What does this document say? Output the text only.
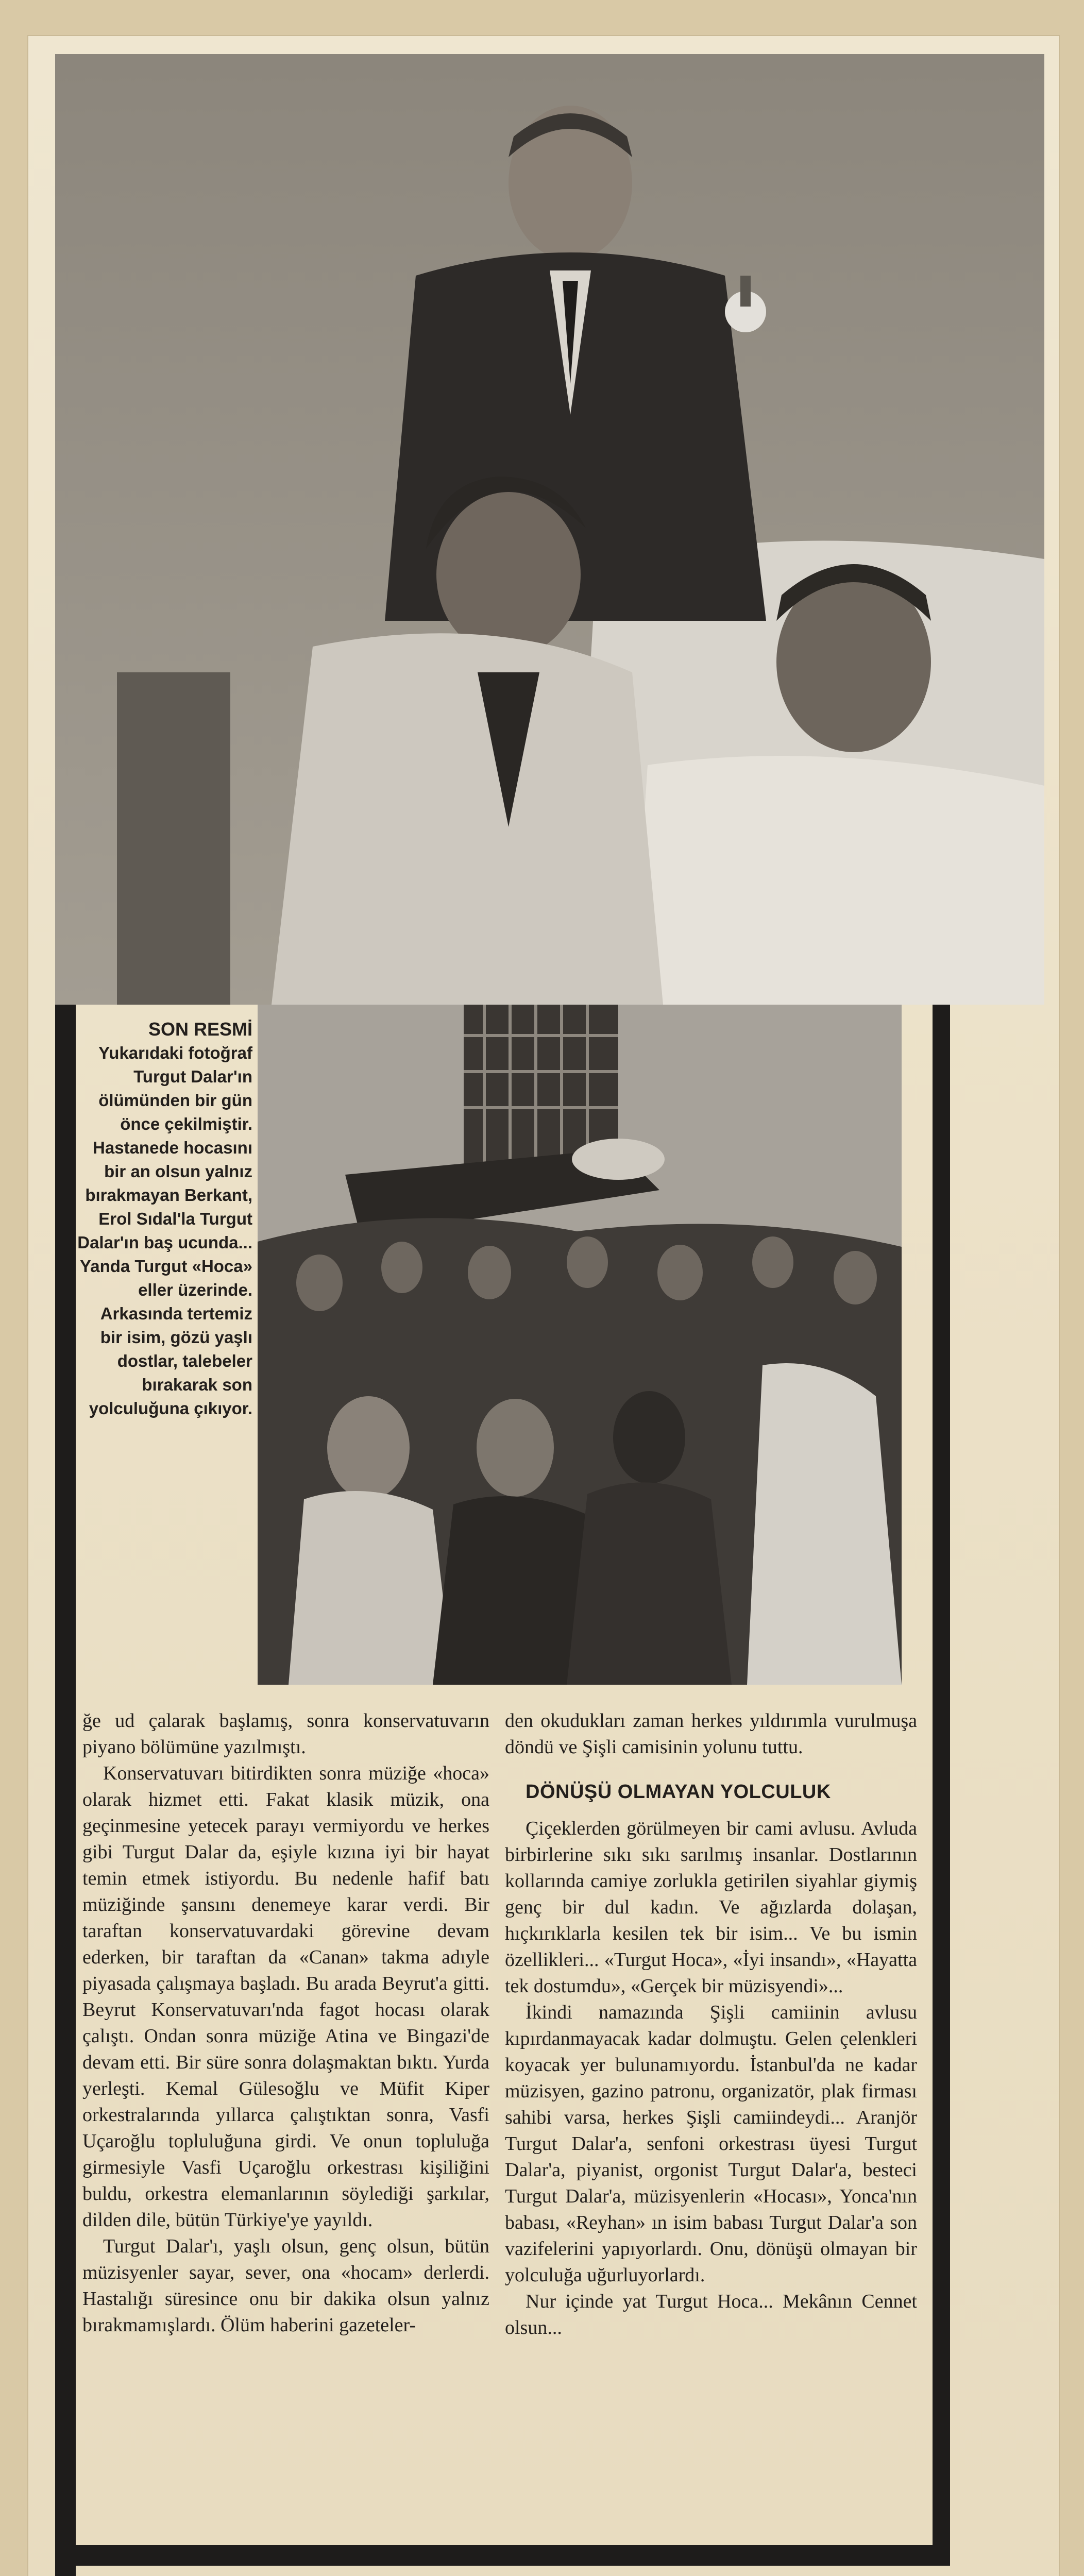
SON RESMİ
Yukarıdaki fotoğraf Turgut Dalar'ın ölümünden bir gün önce çekilmiştir. Hastanede hocasını bir an olsun yalnız bırakmayan Berkant, Erol Sıdal'la Turgut Dalar'ın baş ucunda... Yanda Turgut «Hoca» eller üzerinde. Arkasında tertemiz bir isim, gözü yaşlı dostlar, talebeler bırakarak son yolculuğuna çıkıyor.

ğe ud çalarak başlamış, sonra konservatuvarın piyano bölümüne yazılmıştı.

Konservatuvarı bitirdikten sonra müziğe «hoca» olarak hizmet etti. Fakat klasik müzik, ona geçinmesine yetecek parayı vermiyordu ve herkes gibi Turgut Dalar da, eşiyle kızına iyi bir hayat temin etmek istiyordu. Bu nedenle hafif batı müziğinde şansını denemeye karar verdi. Bir taraftan konservatuvardaki görevine devam ederken, bir taraftan da «Canan» takma adıyle piyasada çalışmaya başladı. Bu arada Beyrut'a gitti. Beyrut Konservatuvarı'nda fagot hocası olarak çalıştı. Ondan sonra müziğe Atina ve Bingazi'de devam etti. Bir süre sonra dolaşmaktan bıktı. Yurda yerleşti. Kemal Gülesoğlu ve Müfit Kiper orkestralarında yıllarca çalıştıktan sonra, Vasfi Uçaroğlu topluluğuna girdi. Ve onun topluluğa girmesiyle Vasfi Uçaroğlu orkestrası kişiliğini buldu, orkestra elemanlarının söylediği şarkılar, dilden dile, bütün Türkiye'ye yayıldı.

Turgut Dalar'ı, yaşlı olsun, genç olsun, bütün müzisyenler sayar, sever, ona «hocam» derlerdi. Hastalığı süresince onu bir dakika olsun yalnız bırakmamışlardı. Ölüm haberini gazeteler-

den okudukları zaman herkes yıldırımla vurulmuşa döndü ve Şişli camisinin yolunu tuttu.

DÖNÜŞÜ OLMAYAN YOLCULUK

Çiçeklerden görülmeyen bir cami avlusu. Avluda birbirlerine sıkı sıkı sarılmış insanlar. Dostlarının kollarında camiye zorlukla getirilen siyahlar giymiş genç bir dul kadın. Ve ağızlarda dolaşan, hıçkırıklarla kesilen tek bir isim... Ve bu ismin özellikleri... «Turgut Hoca», «İyi insandı», «Hayatta tek dostumdu», «Gerçek bir müzisyendi»...

İkindi namazında Şişli camiinin avlusu kıpırdanmayacak kadar dolmuştu. Gelen çelenkleri koyacak yer bulunamıyordu. İstanbul'da ne kadar müzisyen, gazino patronu, organizatör, plak firması sahibi varsa, herkes Şişli camiindeydi... Aranjör Turgut Dalar'a, senfoni orkestrası üyesi Turgut Dalar'a, piyanist, orgonist Turgut Dalar'a, besteci Turgut Dalar'a, müzisyenlerin «Hocası», Yonca'nın babası, «Reyhan» ın isim babası Turgut Dalar'a son vazifelerini yapıyorlardı. Onu, dönüşü olmayan bir yolculuğa uğurluyorlardı.

Nur içinde yat Turgut Hoca... Mekânın Cennet olsun...
